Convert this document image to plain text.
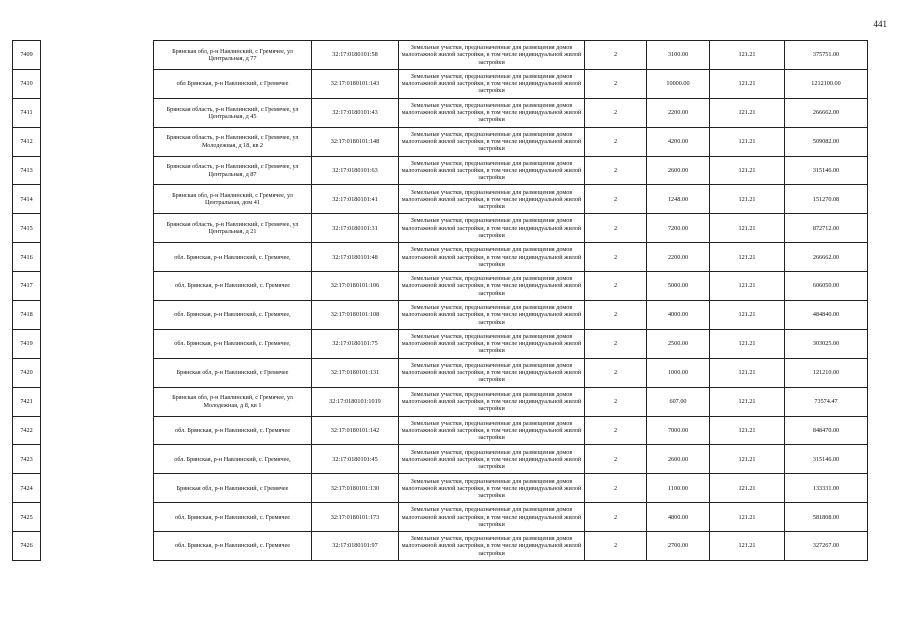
441
7409		Брянская обл, р-н Навлинский, с Гремячее, ул Центральная, д 77	32:17:0180101:58	Земельные участки, предназначенные для размещения домов малоэтажной жилой застройки, в том числе индивидуальной жилой застройки	2	3100.00	121.21	375751.00
7410		обл Брянская, р-н Навлинский, с Гремячее	32:17:0180101:143	Земельные участки, предназначенные для размещения домов малоэтажной жилой застройки, в том числе индивидуальной жилой застройки	2	10000.00	121.21	1212100.00
7411		Брянская область, р-н Навлинский, с Гремячее, ул Центральная, д 45	32:17:0180101:43	Земельные участки, предназначенные для размещения домов малоэтажной жилой застройки, в том числе индивидуальной жилой застройки	2	2200.00	121.21	266662.00
7412		Брянская область, р-н Навлинский, с Гремячее, ул Молодежная, д 18, кв 2	32:17:0180101:148	Земельные участки, предназначенные для размещения домов малоэтажной жилой застройки, в том числе индивидуальной жилой застройки	2	4200.00	121.21	509082.00
7413		Брянская область, р-н Навлинский, с Гремячее, ул Центральная, д 87	32:17:0180101:63	Земельные участки, предназначенные для размещения домов малоэтажной жилой застройки, в том числе индивидуальной жилой застройки	2	2600.00	121.21	315146.00
7414		Брянская обл, р-н Навлинский, с Гремячее, ул Центральная, дом 41	32:17:0180101:41	Земельные участки, предназначенные для размещения домов малоэтажной жилой застройки, в том числе индивидуальной жилой застройки	2	1248.00	121.21	151270.08
7415		Брянская область, р-н Навлинский, с Гремячее, ул Центральная, д 21	32:17:0180101:31	Земельные участки, предназначенные для размещения домов малоэтажной жилой застройки, в том числе индивидуальной жилой застройки	2	7200.00	121.21	872712.00
7416		обл. Брянская, р-н Навлинский, с. Гремячее,	32:17:0180101:48	Земельные участки, предназначенные для размещения домов малоэтажной жилой застройки, в том числе индивидуальной жилой застройки	2	2200.00	121.21	266662.00
7417		обл. Брянская, р-н Навлинский, с. Гремячее	32:17:0180101:106	Земельные участки, предназначенные для размещения домов малоэтажной жилой застройки, в том числе индивидуальной жилой застройки	2	5000.00	121.21	606050.00
7418		обл. Брянская, р-н Навлинский, с. Гремячее,	32:17:0180101:108	Земельные участки, предназначенные для размещения домов малоэтажной жилой застройки, в том числе индивидуальной жилой застройки	2	4000.00	121.21	484840.00
7419		обл. Брянская, р-н Навлинский, с. Гремячее,	32:17:0180101:75	Земельные участки, предназначенные для размещения домов малоэтажной жилой застройки, в том числе индивидуальной жилой застройки	2	2500.00	121.21	303025.00
7420		Брянская обл, р-н Навлинский, с Гремячее	32:17:0180101:131	Земельные участки, предназначенные для размещения домов малоэтажной жилой застройки, в том числе индивидуальной жилой застройки	2	1000.00	121.21	121210.00
7421		Брянская обл, р-н Навлинский, с Гремячее, ул Молодежная, д 8, кв 1	32:17:0180101:1019	Земельные участки, предназначенные для размещения домов малоэтажной жилой застройки, в том числе индивидуальной жилой застройки	2	607.00	121.21	73574.47
7422		обл. Брянская, р-н Навлинский, с. Гремячее	32:17:0180101:142	Земельные участки, предназначенные для размещения домов малоэтажной жилой застройки, в том числе индивидуальной жилой застройки	2	7000.00	121.21	848470.00
7423		обл. Брянская, р-н Навлинский, с. Гремячее,	32:17:0180101:45	Земельные участки, предназначенные для размещения домов малоэтажной жилой застройки, в том числе индивидуальной жилой застройки	2	2600.00	121.21	315146.00
7424		Брянская обл, р-н Навлинский, с Гремячее	32:17:0180101:130	Земельные участки, предназначенные для размещения домов малоэтажной жилой застройки, в том числе индивидуальной жилой застройки	2	1100.00	121.21	133331.00
7425		обл. Брянская, р-н Навлинский, с. Гремячее	32:17:0180101:173	Земельные участки, предназначенные для размещения домов малоэтажной жилой застройки, в том числе индивидуальной жилой застройки	2	4800.00	121.21	581808.00
7426		обл. Брянская, р-н Навлинский, с. Гремячее	32:17:0180101:97	Земельные участки, предназначенные для размещения домов малоэтажной жилой застройки, в том числе индивидуальной жилой застройки	2	2700.00	121.21	327267.00
